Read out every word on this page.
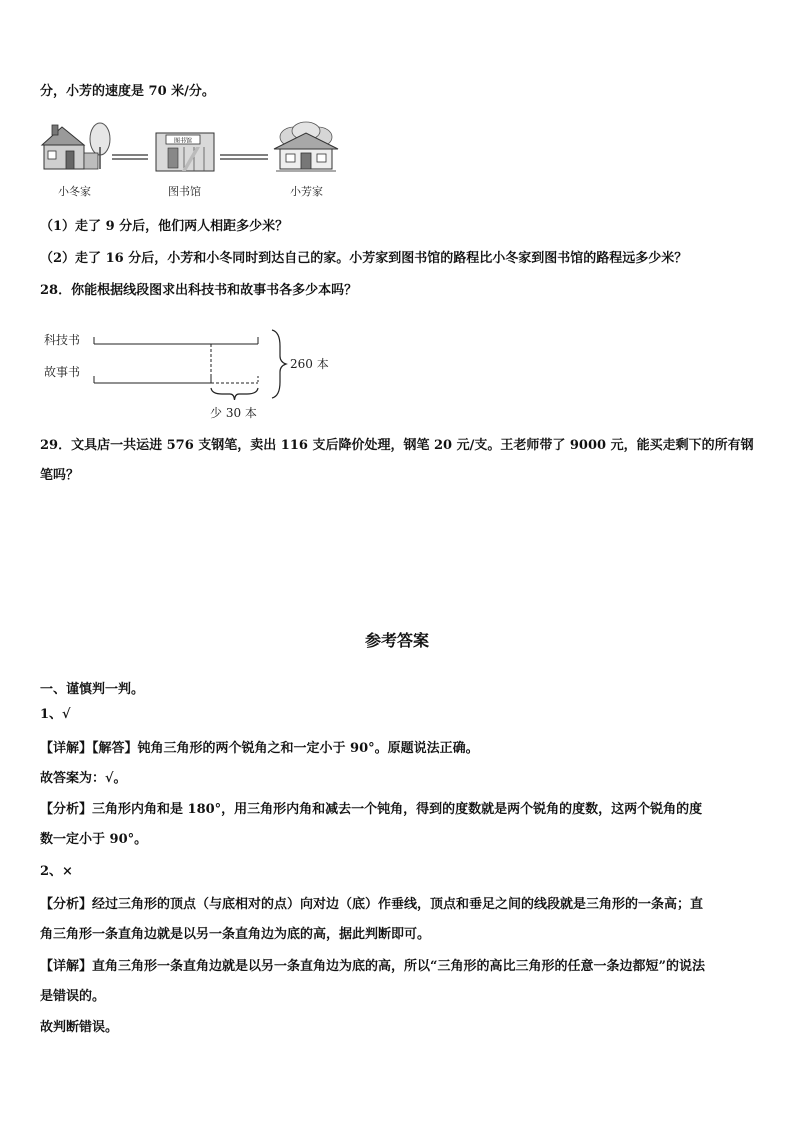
分，小芳的速度是 70 米/分。
图书馆
小冬家	图书馆	小芳家
（1）走了 9 分后，他们两人相距多少米？
（2）走了 16 分后，小芳和小冬同时到达自己的家。小芳家到图书馆的路程比小冬家到图书馆的路程远多少米？
28．你能根据线段图求出科技书和故事书各多少本吗？
科技书
故事书
260 本
少 30 本
29．文具店一共运进 576 支钢笔，卖出 116 支后降价处理，钢笔 20 元/支。王老师带了 9000 元，能买走剩下的所有钢
笔吗？
参考答案
一、谨慎判一判。
1、√
【详解】【解答】钝角三角形的两个锐角之和一定小于 90°。原题说法正确。
故答案为：√。
【分析】三角形内角和是 180°，用三角形内角和减去一个钝角，得到的度数就是两个锐角的度数，这两个锐角的度
数一定小于 90°。
2、×
【分析】经过三角形的顶点（与底相对的点）向对边（底）作垂线，顶点和垂足之间的线段就是三角形的一条高；直
角三角形一条直角边就是以另一条直角边为底的高，据此判断即可。
【详解】直角三角形一条直角边就是以另一条直角边为底的高，所以“三角形的高比三角形的任意一条边都短”的说法
是错误的。
故判断错误。
